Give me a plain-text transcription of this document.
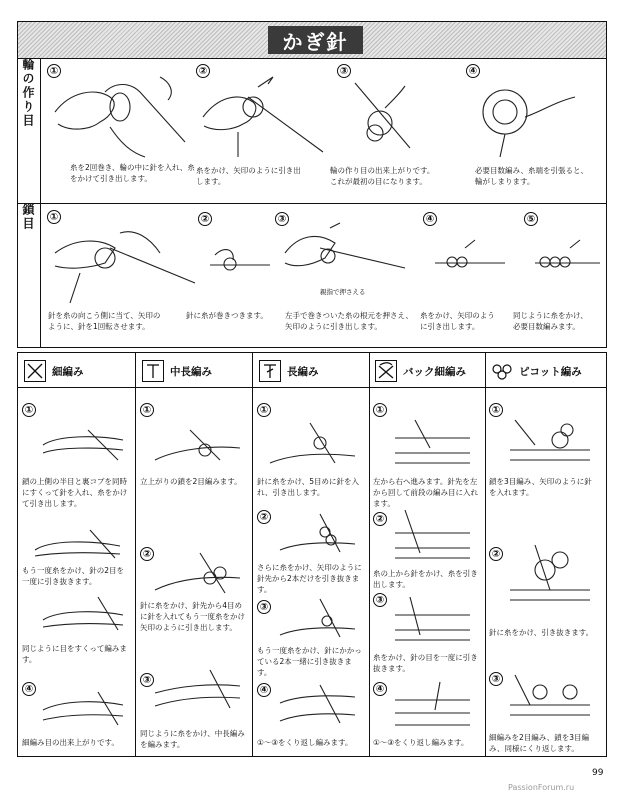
かぎ針
輪の作り目
鎖目
①	②	③	④
糸を2回巻き、輪の中に針を入れ、糸をかけて引き出します。
糸をかけ、矢印のように引き出します。
輪の作り目の出来上がりです。
これが最初の目になります。
必要目数編み、糸端を引張ると、
輪がしまります。
①	②	③	④	⑤
親指で押さえる
針を糸の向こう側に当て、矢印の
ように、針を1回転させます。
針に糸が巻きつきます。	左手で巻きついた糸の根元を押さえ、
矢印のように引き出します。
糸をかけ、矢印のよう
に引き出します。
同じように糸をかけ、
必要目数編みます。
細編み
①
鎖の上側の半目と裏コブを同時にすくって針を入れ、糸をかけて引き出します。
もう一度糸をかけ、針の2目を一度に引き抜きます。
同じように目をすくって編みます。
④
細編み目の出来上がりです。
中長編み
①
立上がりの鎖を2目編みます。
②
針に糸をかけ、針先から4目めに針を入れてもう一度糸をかけ矢印のように引き出します。
③
同じように糸をかけ、中長編みを編みます。
長編み
①
針に糸をかけ、5目めに針を入れ、引き出します。
②
さらに糸をかけ、矢印のように針先から2本だけを引き抜きます。
③
もう一度糸をかけ、針にかかっている2本一緒に引き抜きます。
④
①～③をくり返し編みます。
バック細編み
①
左から右へ進みます。針先を左から回して前段の編み目に入れます。
②
糸の上から針をかけ、糸を引き出します。
③
糸をかけ、針の目を一度に引き抜きます。
④
①～③をくり返し編みます。
ピコット編み
①
鎖を3目編み、矢印のように針を入れます。
②
針に糸をかけ、引き抜きます。
③
細編みを2目編み、鎖を3目編み、同様にくり返します。
99
PassionForum.ru
